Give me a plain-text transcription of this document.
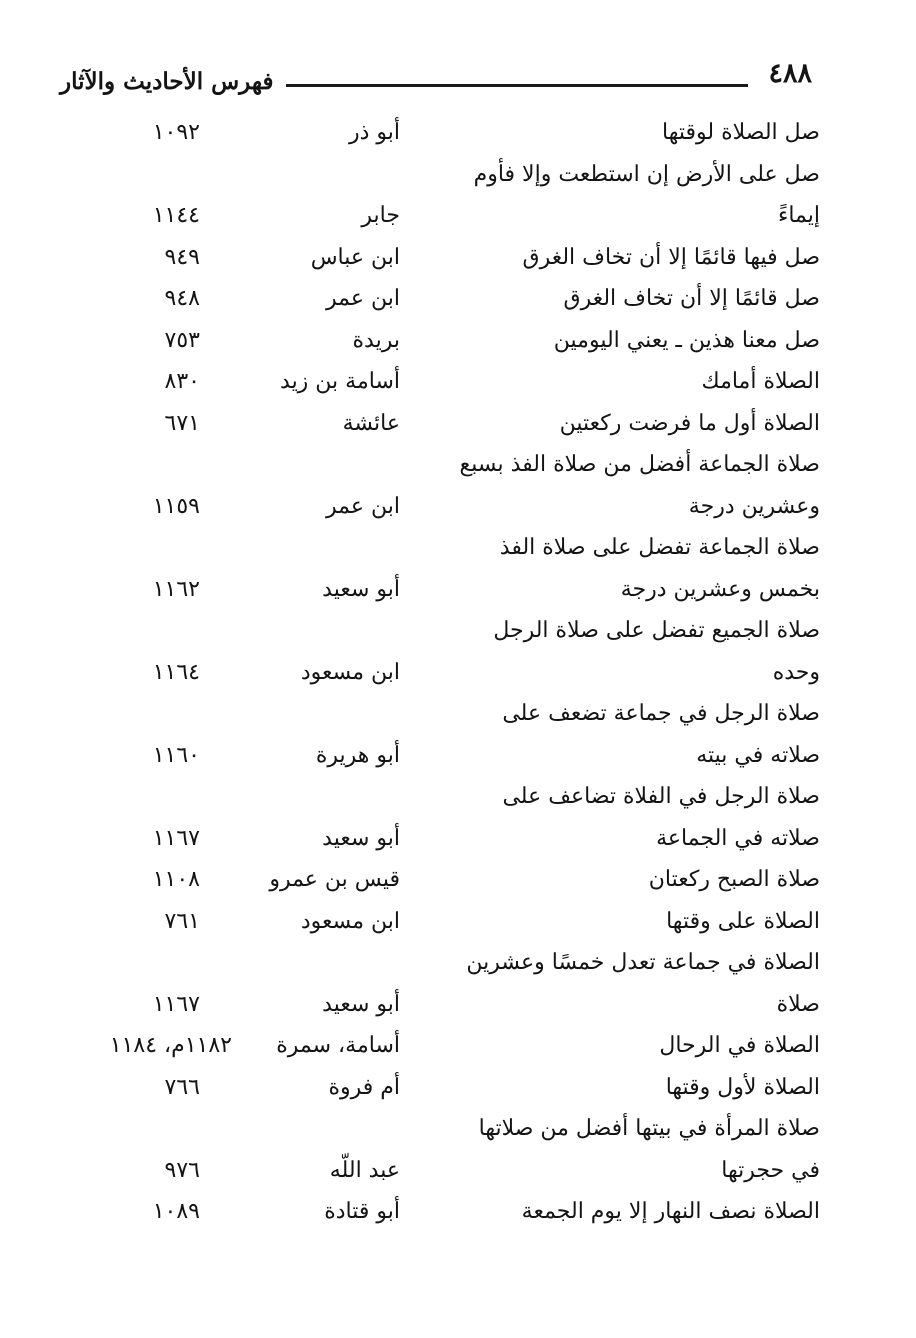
٤٨٨
فهرس الأحاديث والآثار
صل الصلاة لوقتها
أبو ذر
١٠٩٢
صل على الأرض إن استطعت وإلا فأوم
إيماءً
جابر
١١٤٤
صل فيها قائمًا إلا أن تخاف الغرق
ابن عباس
٩٤٩
صل قائمًا إلا أن تخاف الغرق
ابن عمر
٩٤٨
صل معنا هذين ـ يعني اليومين
بريدة
٧٥٣
الصلاة أمامك
أسامة بن زيد
٨٣٠
الصلاة أول ما فرضت ركعتين
عائشة
٦٧١
صلاة الجماعة أفضل من صلاة الفذ بسبع
وعشرين درجة
ابن عمر
١١٥٩
صلاة الجماعة تفضل على صلاة الفذ
بخمس وعشرين درجة
أبو سعيد
١١٦٢
صلاة الجميع تفضل على صلاة الرجل
وحده
ابن مسعود
١١٦٤
صلاة الرجل في جماعة تضعف على
صلاته في بيته
أبو هريرة
١١٦٠
صلاة الرجل في الفلاة تضاعف على
صلاته في الجماعة
أبو سعيد
١١٦٧
صلاة الصبح ركعتان
قيس بن عمرو
١١٠٨
الصلاة على وقتها
ابن مسعود
٧٦١
الصلاة في جماعة تعدل خمسًا وعشرين
صلاة
أبو سعيد
١١٦٧
الصلاة في الرحال
أسامة، سمرة
١١٨٢م، ١١٨٤
الصلاة لأول وقتها
أم فروة
٧٦٦
صلاة المرأة في بيتها أفضل من صلاتها
في حجرتها
عبد اللّه
٩٧٦
الصلاة نصف النهار إلا يوم الجمعة
أبو قتادة
١٠٨٩
